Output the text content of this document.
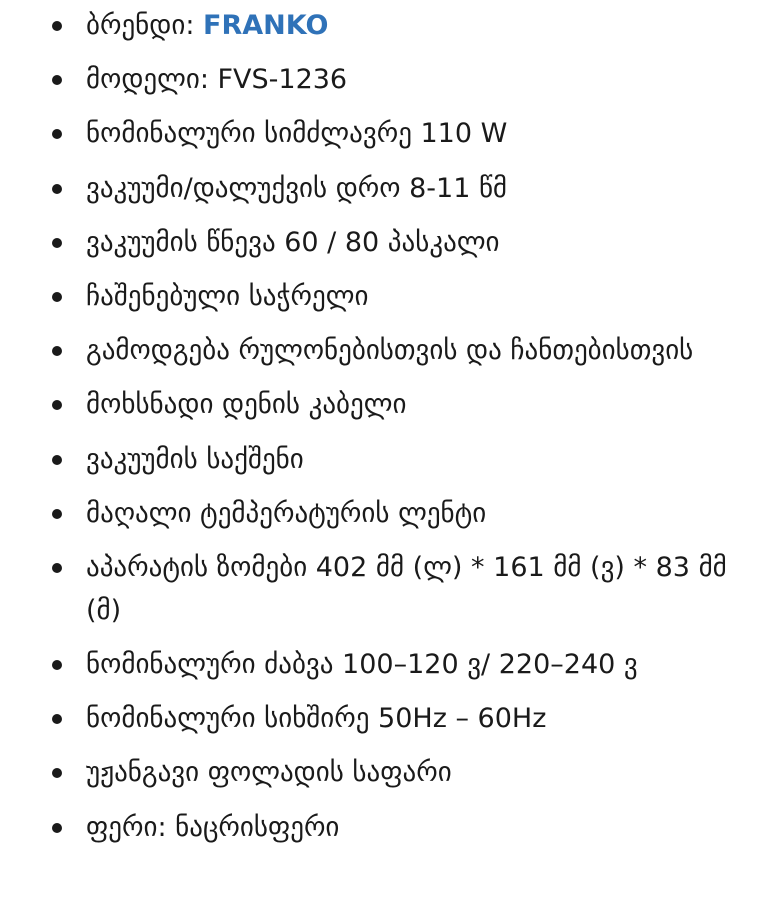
ბრენდი: FRANKO
მოდელი: FVS-1236
ნომინალური სიმძლავრე 110 W
ვაკუუმი/დალუქვის დრო 8-11 წმ
ვაკუუმის წნევა 60 / 80 პასკალი
ჩაშენებული საჭრელი
გამოდგება რულონებისთვის და ჩანთებისთვის
მოხსნადი დენის კაბელი
ვაკუუმის საქშენი
მაღალი ტემპერატურის ლენტი
აპარატის ზომები 402 მმ (ლ) * 161 მმ (ვ) * 83 მმ (მ)
ნომინალური ძაბვა 100–120 ვ/ 220–240 ვ
ნომინალური სიხშირე 50Hz – 60Hz
უჟანგავი ფოლადის საფარი
ფერი: ნაცრისფერი
